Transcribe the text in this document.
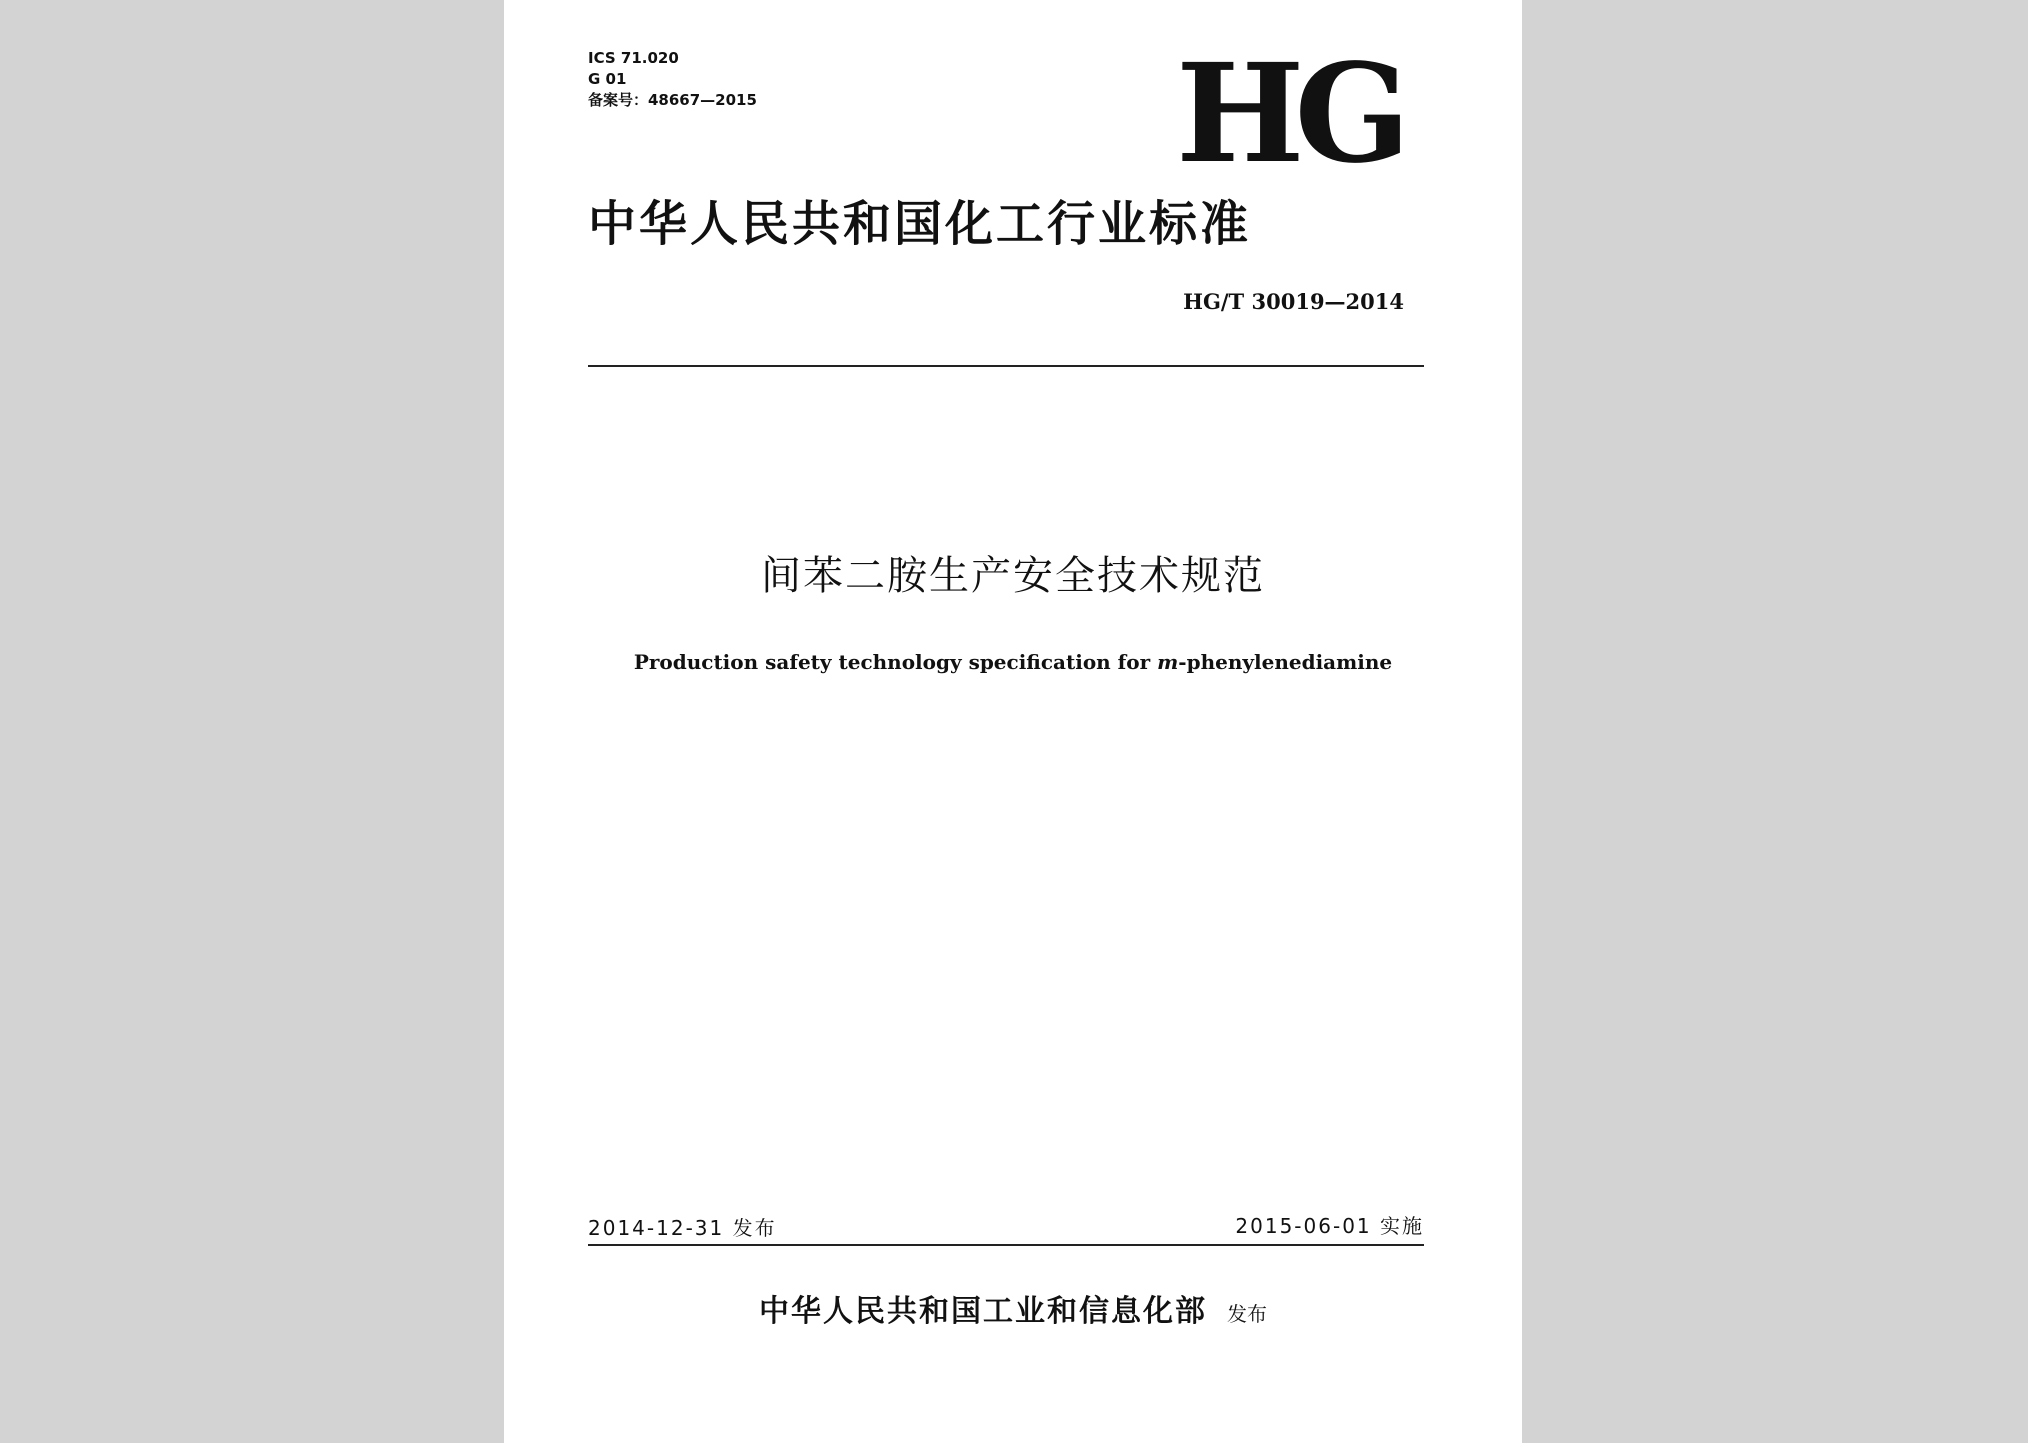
ICS 71.020
G 01
备案号：48667—2015	HG
中华人民共和国化工行业标准
HG/T 30019—2014
间苯二胺生产安全技术规范
Production safety technology specification for m-phenylenediamine
2014-12-31 发布	2015-06-01 实施
中华人民共和国工业和信息化部 发布
